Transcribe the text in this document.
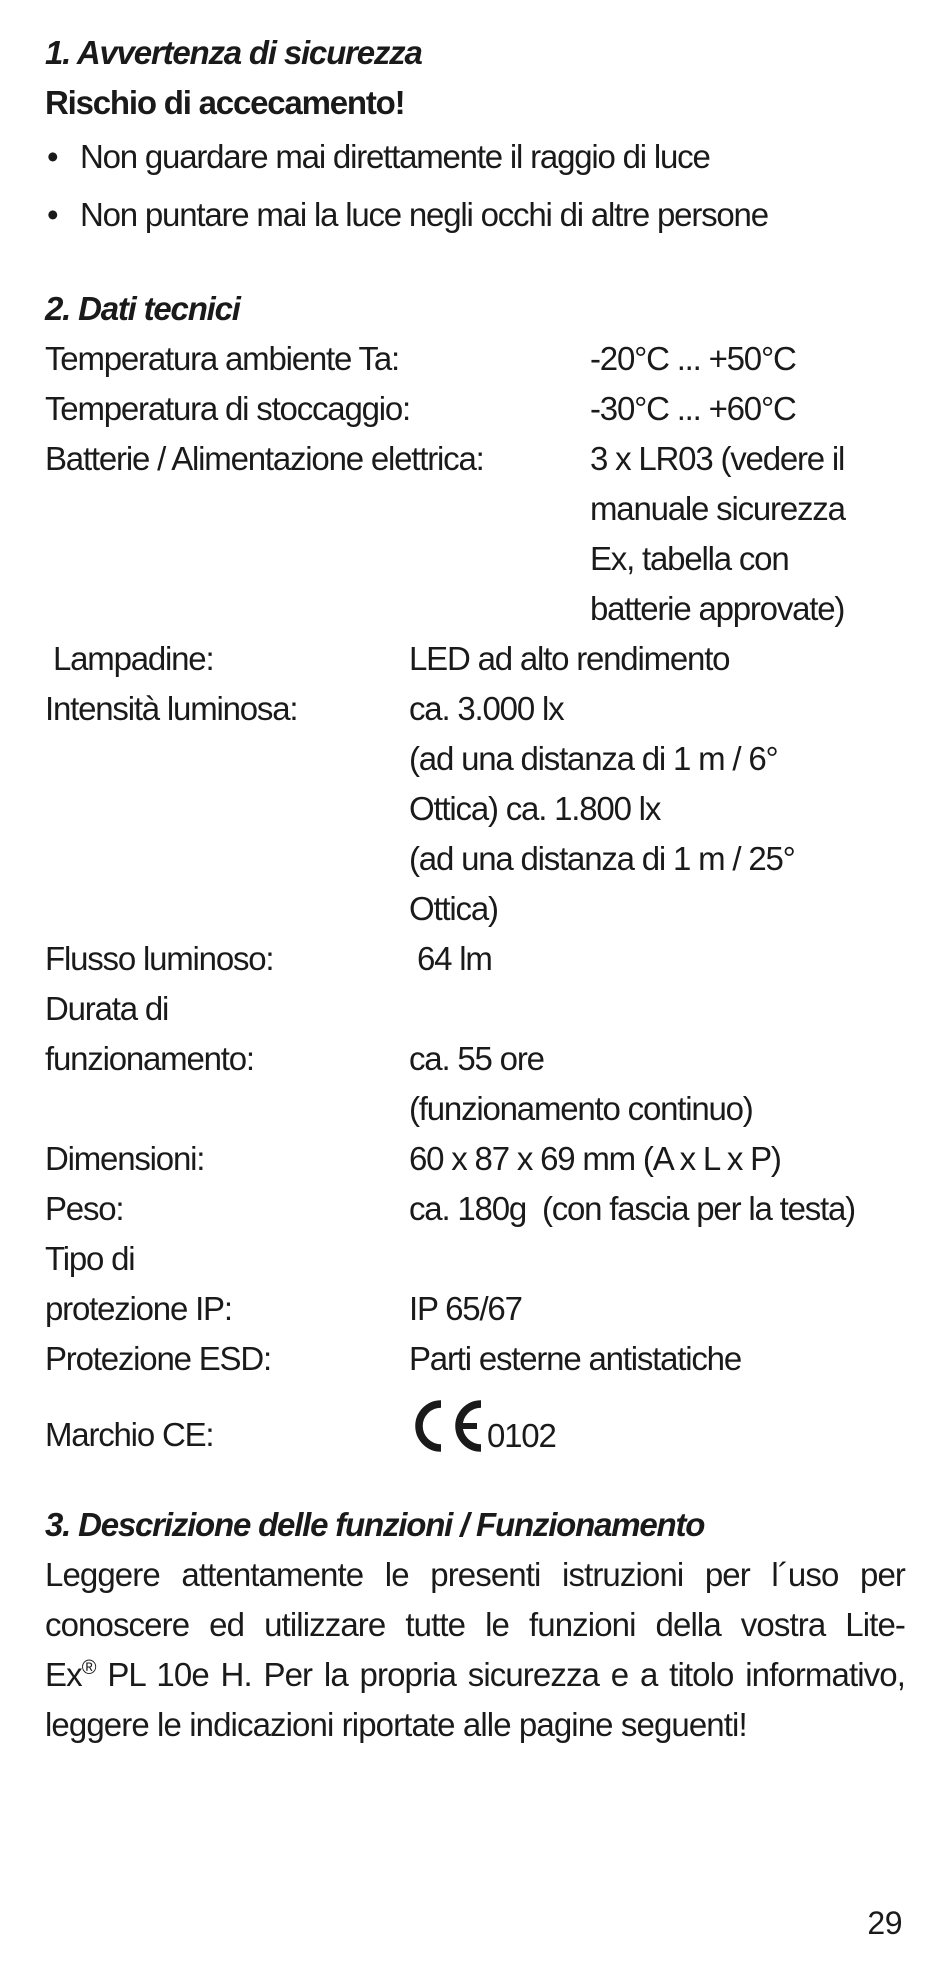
1. Avvertenza di sicurezza
Rischio di accecamento!
• Non guardare mai direttamente il raggio di luce
• Non puntare mai la luce negli occhi di altre persone
2. Dati tecnici
Temperatura ambiente Ta:	-20°C ... +50°C
Temperatura di stoccaggio:	-30°C ... +60°C
Batterie / Alimentazione elettrica:	3 x LR03 (vedere il
manuale sicurezza
Ex, tabella con
batterie approvate)
Lampadine:	LED ad alto rendimento
Intensità luminosa:	ca. 3.000 lx
(ad una distanza di 1 m / 6°
Ottica) ca. 1.800 lx
(ad una distanza di 1 m / 25°
Ottica)
Flusso luminoso:	64 lm
Durata di

funzionamento:	ca. 55 ore
(funzionamento continuo)
Dimensioni:	60 x 87 x 69 mm (A x L x P)
Peso:	ca. 180g  (con fascia per la testa)
Tipo di

protezione IP:	IP 65/67
Protezione ESD:	Parti esterne antistatiche
Marchio CE:	0102
3. Descrizione delle funzioni / Funzionamento
Leggere attentamente le presenti istruzioni per l´uso per
conoscere ed utilizzare tutte le funzioni della vostra Lite-
Ex® PL 10e H. Per la propria sicurezza e a titolo informativo,
leggere le indicazioni riportate alle pagine seguenti!
29
